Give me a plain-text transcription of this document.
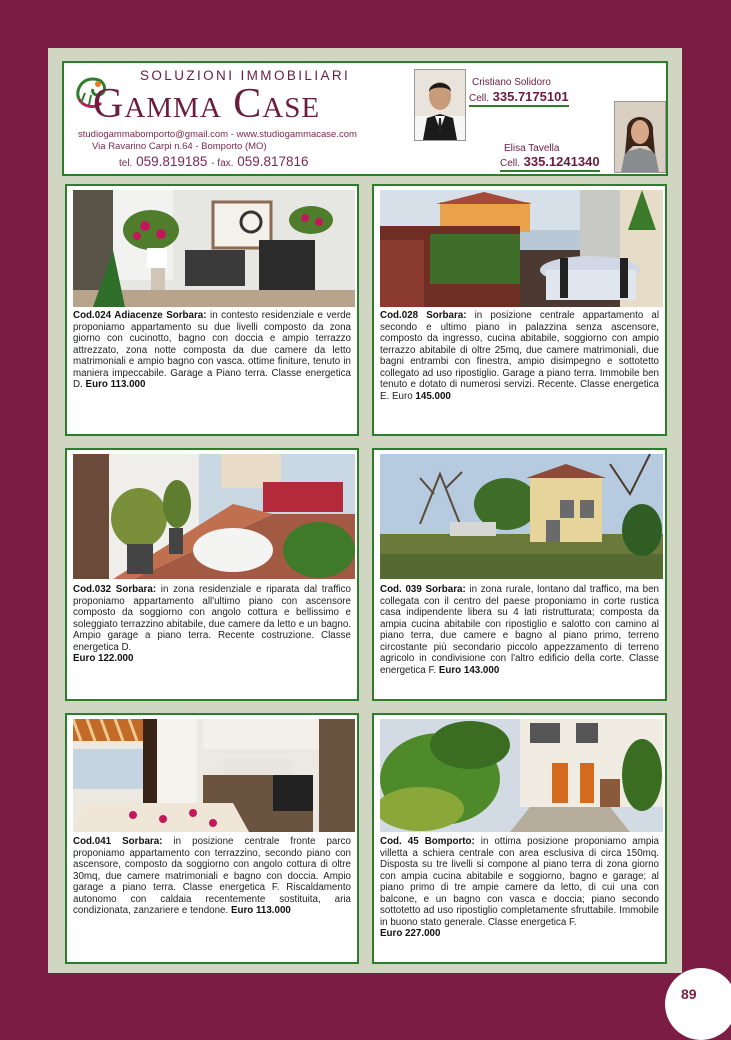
SOLUZIONI IMMOBILIARI
Gamma Case
studiogammabomporto@gmail.com - www.studiogammacase.com
Via Ravarino Carpi n.64 - Bomporto (MO)
tel. 059.819185 - fax. 059.817816
Cristiano Solidoro
Cell. 335.7175101
Elisa Tavella
Cell. 335.1241340
Cod.024 Adiacenze Sorbara: in contesto residenziale e verde proponiamo appartamento su due livelli composto da zona giorno con cucinotto, bagno con doccia e ampio terrazzo attrezzato, zona notte composta da due camere da letto matrimoniali e ampio bagno con vasca. ottime finiture, tenuto in maniera impeccabile. Garage a Piano terra. Classe energetica D. Euro 113.000
Cod.028 Sorbara: in posizione centrale appartamento al secondo e ultimo piano in palazzina senza ascensore, composto da ingresso, cucina abitabile, soggiorno con ampio terrazzo abitabile di oltre 25mq, due camere matrimoniali, due bagni entrambi con finestra, ampio disimpegno e sottotetto collegato ad uso ripostiglio. Garage a piano terra. Immobile ben tenuto e dotato di numerosi servizi. Recente. Classe energetica E. Euro 145.000
Cod.032 Sorbara: in zona residenziale e riparata dal traffico proponiamo appartamento all'ultimo piano con ascensore composto da soggiorno con angolo cottura e bellissimo e soleggiato terrazzino abitabile, due camere da letto e un bagno. Ampio garage a piano terra. Recente costruzione. Classe energetica D.
Euro 122.000
Cod. 039 Sorbara: in zona rurale, lontano dal traffico, ma ben collegata con il centro del paese proponiamo in corte rustica casa indipendente libera su 4 lati ristrutturata; composta da ampia cucina abitabile con ripostiglio e salotto con camino al piano terra, due camere e bagno al piano primo, terreno circostante più secondario piccolo appezzamento di terreno agricolo in condivisione con l'altro edificio della corte. Classe energetica F. Euro 143.000
Cod.041 Sorbara: in posizione centrale fronte parco proponiamo appartamento con terrazzino, secondo piano con ascensore, composto da soggiorno con angolo cottura di oltre 30mq, due camere matrimoniali e bagno con doccia. Ampio garage a piano terra. Classe energetica F. Riscaldamento autonomo con caldaia recentemente sostituita, aria condizionata, zanzariere e tendone. Euro 113.000
Cod. 45 Bomporto: in ottima posizione proponiamo ampia villetta a schiera centrale con area esclusiva di circa 150mq. Disposta su tre livelli si compone al piano terra di zona giorno con ampia cucina abitabile e soggiorno, bagno e garage; al piano primo di tre ampie camere da letto, di cui una con balcone, e un bagno con vasca e doccia; piano secondo sottotetto ad uso ripostiglio completamente sfruttabile. Immobile in buono stato generale. Classe energetica F.
Euro 227.000
89
